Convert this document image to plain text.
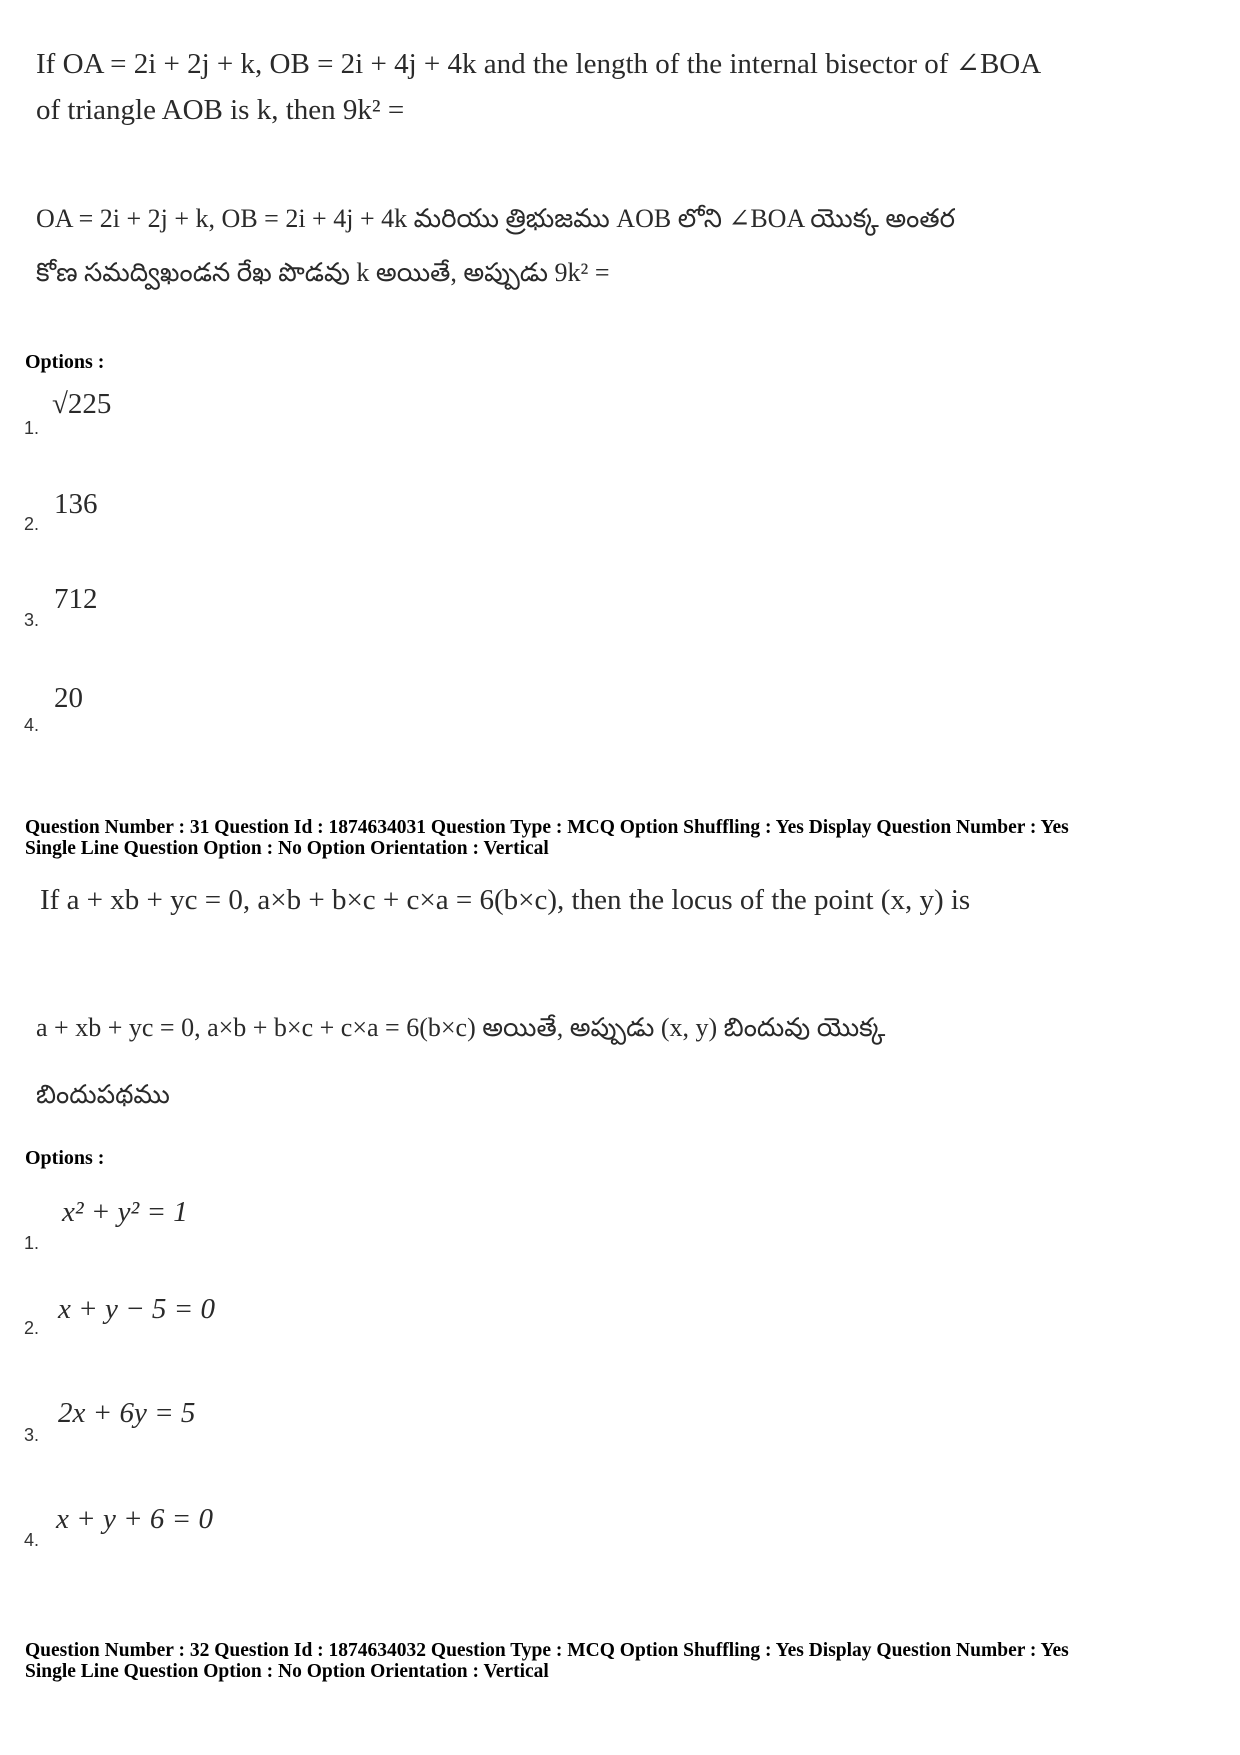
If OA = 2i + 2j + k, OB = 2i + 4j + 4k and the length of the internal bisector of ∠BOA
of triangle AOB is k, then 9k² =
OA = 2i + 2j + k, OB = 2i + 4j + 4k మరియు త్రిభుజము AOB లోని ∠BOA యొక్క అంతర
కోణ సమద్విఖండన రేఖ పొడవు k అయితే, అప్పుడు 9k² =
Options :
1.
√225
2.
136
3.
712
4.
20
Question Number : 31 Question Id : 1874634031 Question Type : MCQ Option Shuffling : Yes Display Question Number : Yes
Single Line Question Option : No Option Orientation : Vertical
If a + xb + yc = 0, a×b + b×c + c×a = 6(b×c), then the locus of the point (x, y) is
a + xb + yc = 0, a×b + b×c + c×a = 6(b×c) అయితే, అప్పుడు (x, y) బిందువు యొక్క
బిందుపథము
Options :
1.
x² + y² = 1
2.
x + y − 5 = 0
3.
2x + 6y = 5
4.
x + y + 6 = 0
Question Number : 32 Question Id : 1874634032 Question Type : MCQ Option Shuffling : Yes Display Question Number : Yes
Single Line Question Option : No Option Orientation : Vertical
